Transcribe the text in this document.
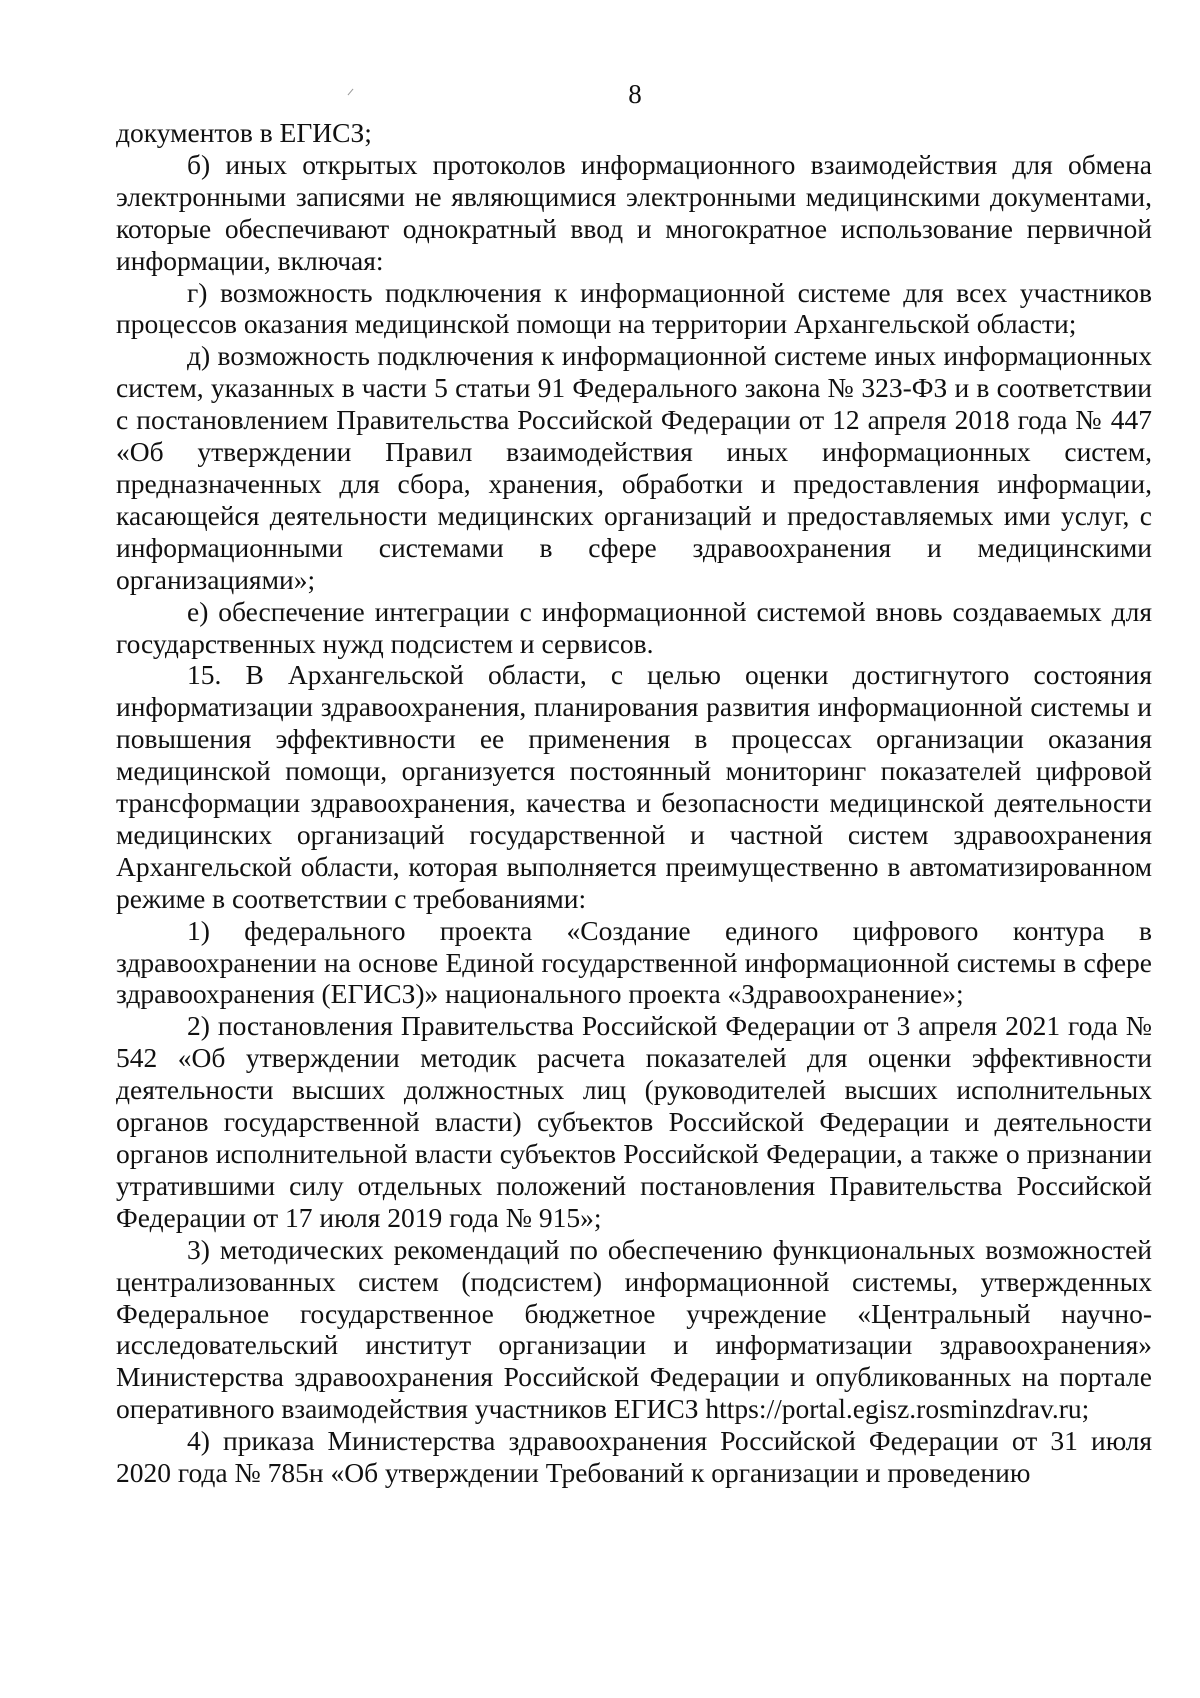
8

документов в ЕГИСЗ;

б) иных открытых протоколов информационного взаимодействия для обмена электронными записями не являющимися электронными медицинскими документами, которые обеспечивают однократный ввод и многократное использование первичной информации, включая:

г) возможность подключения к информационной системе для всех участников процессов оказания медицинской помощи на территории Архангельской области;

д) возможность подключения к информационной системе иных информационных систем, указанных в части 5 статьи 91 Федерального закона № 323-ФЗ и в соответствии с постановлением Правительства Российской Федерации от 12 апреля 2018 года № 447 «Об утверждении Правил взаимодействия иных информационных систем, предназначенных для сбора, хранения, обработки и предоставления информации, касающейся деятельности медицинских организаций и предоставляемых ими услуг, с информационными системами в сфере здравоохранения и медицинскими организациями»;

е) обеспечение интеграции с информационной системой вновь создаваемых для государственных нужд подсистем и сервисов.

15. В Архангельской области, с целью оценки достигнутого состояния информатизации здравоохранения, планирования развития информационной системы и повышения эффективности ее применения в процессах организации оказания медицинской помощи, организуется постоянный мониторинг показателей цифровой трансформации здравоохранения, качества и безопасности медицинской деятельности медицинских организаций государственной и частной систем здравоохранения Архангельской области, которая выполняется преимущественно в автоматизированном режиме в соответствии с требованиями:

1) федерального проекта «Создание единого цифрового контура в здравоохранении на основе Единой государственной информационной системы в сфере здравоохранения (ЕГИСЗ)» национального проекта «Здравоохранение»;

2) постановления Правительства Российской Федерации от 3 апреля 2021 года № 542 «Об утверждении методик расчета показателей для оценки эффективности деятельности высших должностных лиц (руководителей высших исполнительных органов государственной власти) субъектов Российской Федерации и деятельности органов исполнительной власти субъектов Российской Федерации, а также о признании утратившими силу отдельных положений постановления Правительства Российской Федерации от 17 июля 2019 года № 915»;

3) методических рекомендаций по обеспечению функциональных возможностей централизованных систем (подсистем) информационной системы, утвержденных Федеральное государственное бюджетное учреждение «Центральный научно-исследовательский институт организации и информатизации здравоохранения» Министерства здравоохранения Российской Федерации и опубликованных на портале оперативного взаимодействия участников ЕГИСЗ https://portal.egisz.rosminzdrav.ru;

4) приказа Министерства здравоохранения Российской Федерации от 31 июля 2020 года № 785н «Об утверждении Требований к организации и проведению
